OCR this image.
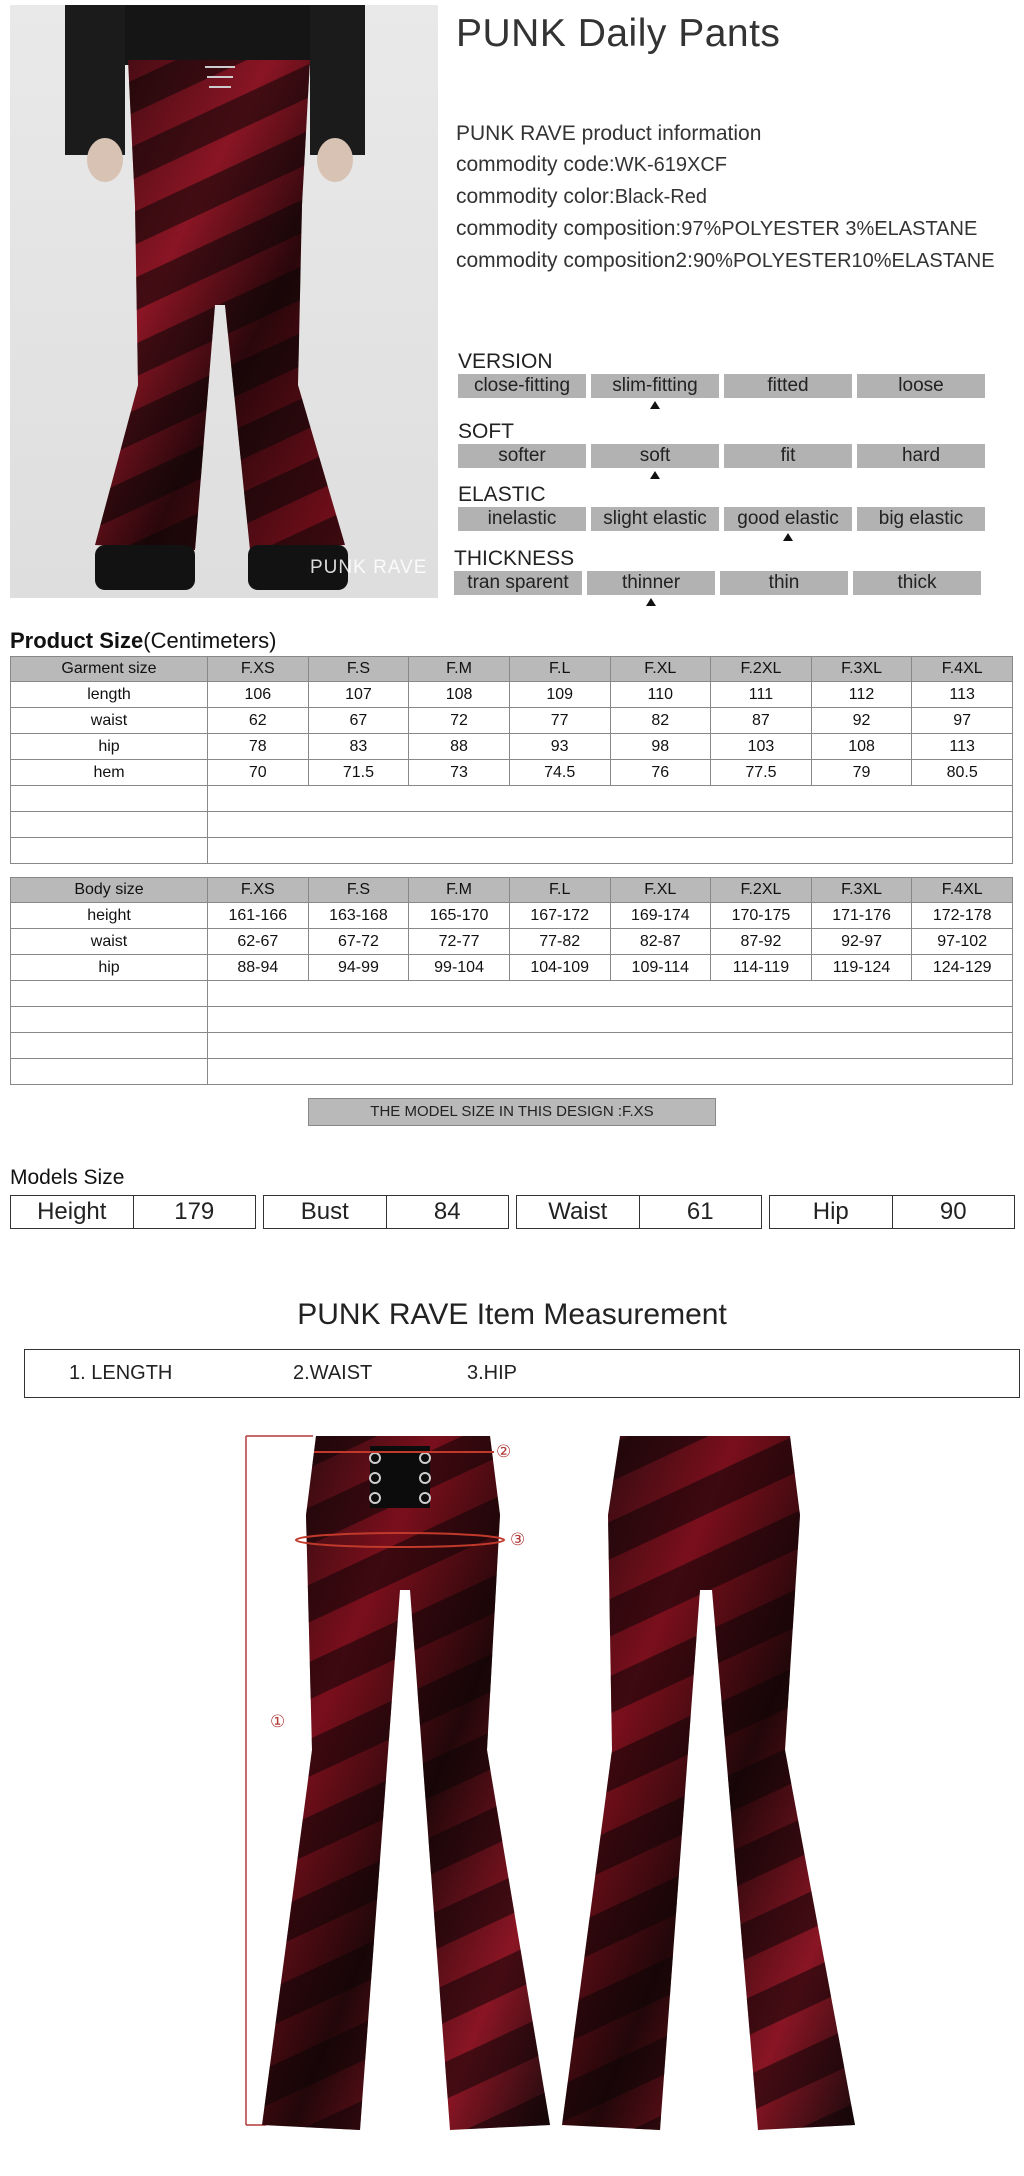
PUNK RAVE
PUNK Daily Pants
PUNK RAVE product information
commodity code:WK-619XCF
commodity color:Black-Red
commodity composition:97%POLYESTER 3%ELASTANE
commodity composition2:90%POLYESTER10%ELASTANE
VERSION
close-fitting	slim-fitting	fitted	loose
SOFT
softer	soft	fit	hard
ELASTIC
inelastic	slight elastic	good elastic	big elastic
THICKNESS
tran sparent	thinner	thin	thick
Product Size(Centimeters)
Garment size	F.XS	F.S	F.M	F.L	F.XL	F.2XL	F.3XL	F.4XL
length	106	107	108	109	110	111	112	113
waist	62	67	72	77	82	87	92	97
hip	78	83	88	93	98	103	108	113
hem	70	71.5	73	74.5	76	77.5	79	80.5

Body size	F.XS	F.S	F.M	F.L	F.XL	F.2XL	F.3XL	F.4XL
height	161-166	163-168	165-170	167-172	169-174	170-175	171-176	172-178
waist	62-67	67-72	72-77	77-82	82-87	87-92	92-97	97-102
hip	88-94	94-99	99-104	104-109	109-114	114-119	119-124	124-129

THE MODEL SIZE IN THIS DESIGN :F.XS
Models Size
Height	179	Bust	84	Waist	61	Hip	90
PUNK RAVE Item Measurement
1. LENGTH	2.WAIST	3.HIP
①
②
③
